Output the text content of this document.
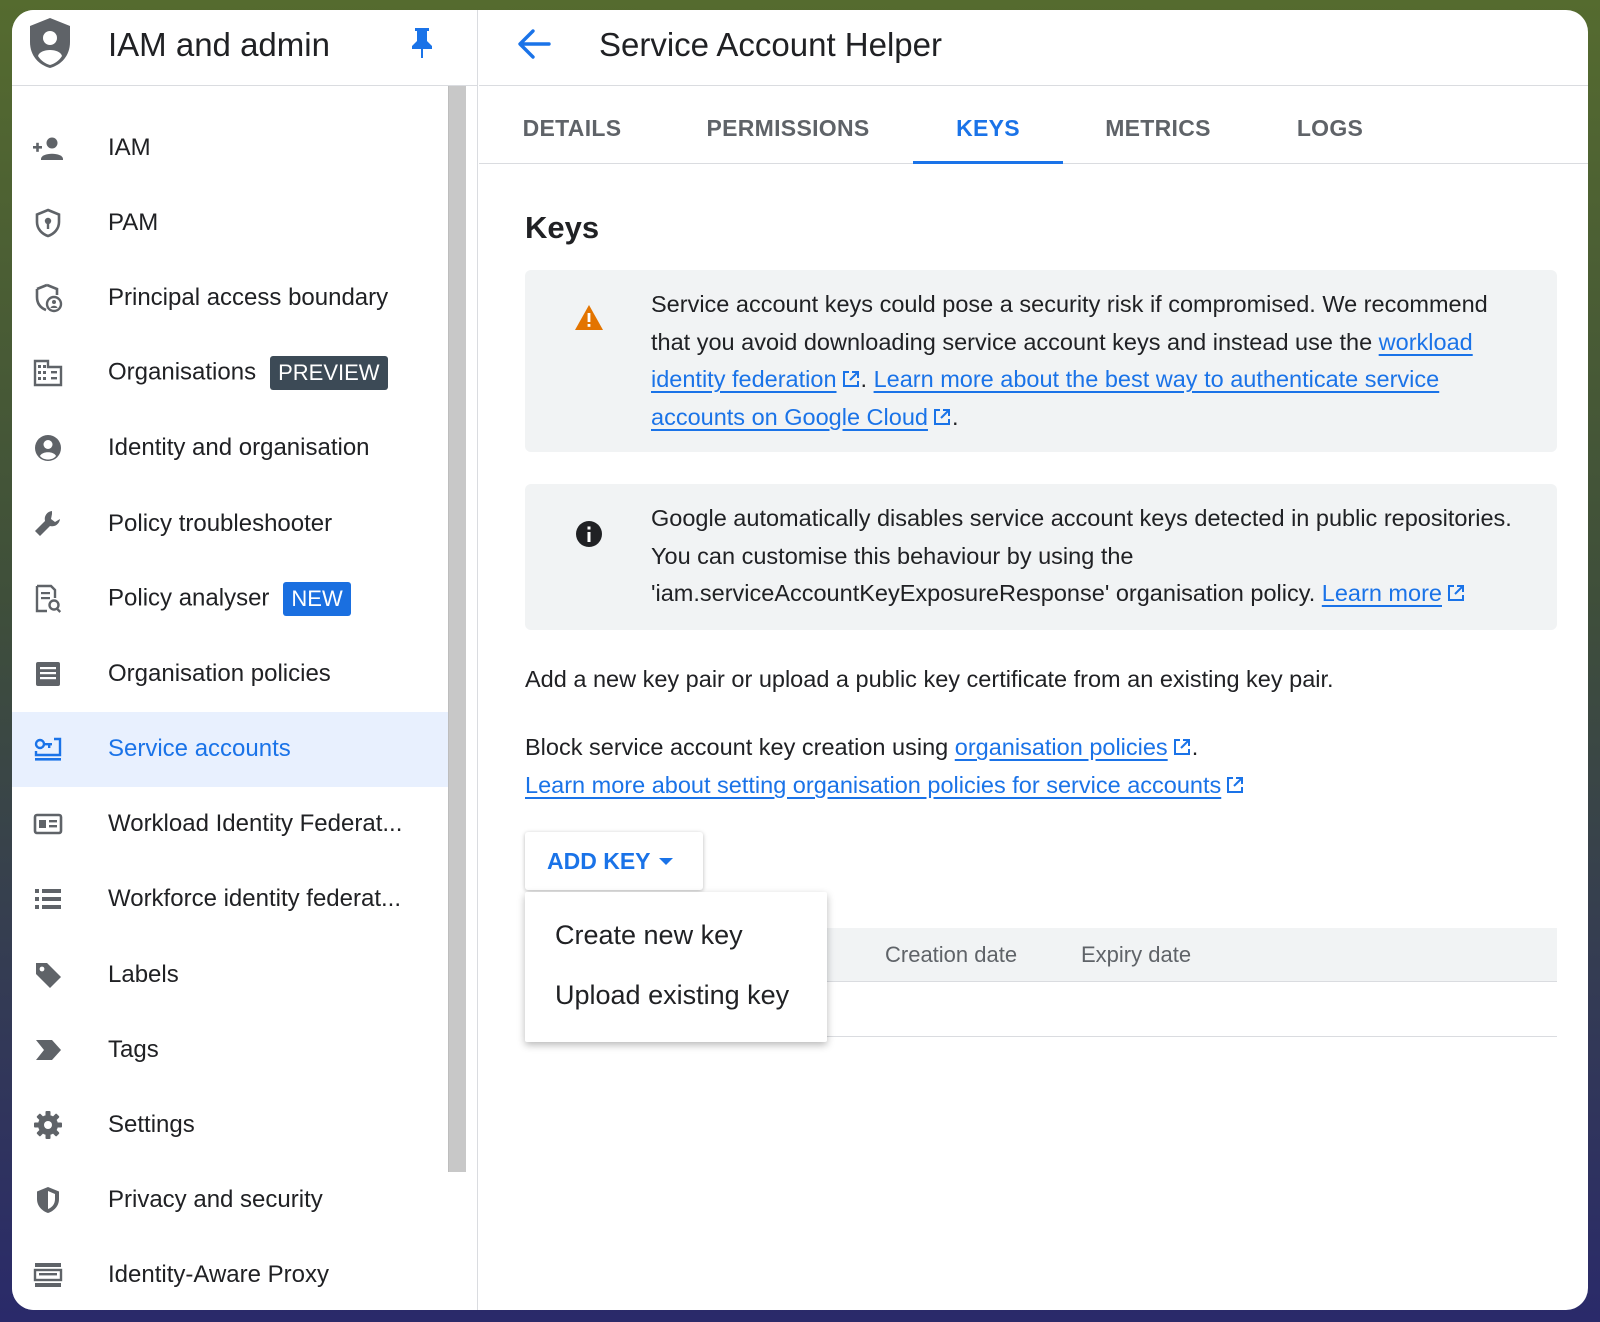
IAM and admin
IAM
PAM
Principal access boundary
Organisations PREVIEW
Identity and organisation
Policy troubleshooter
Policy analyser NEW
Organisation policies
Service accounts
Workload Identity Federat...
Workforce identity federat...
Labels
Tags
Settings
Privacy and security
Identity-Aware Proxy
Service Account Helper
DETAILS	PERMISSIONS	KEYS	METRICS	LOGS
Keys
Service account keys could pose a security risk if compromised. We recommend that you avoid downloading service account keys and instead use the workload identity federation . Learn more about the best way to authenticate service accounts on Google Cloud .
Google automatically disables service account keys detected in public repositories. You can customise this behaviour by using the 'iam.serviceAccountKeyExposureResponse' organisation policy. Learn more
Add a new key pair or upload a public key certificate from an existing key pair.
Block service account key creation using organisation policies .
Learn more about setting organisation policies for service accounts
ADD KEY
Creation date	Expiry date
Create new key
Upload existing key
